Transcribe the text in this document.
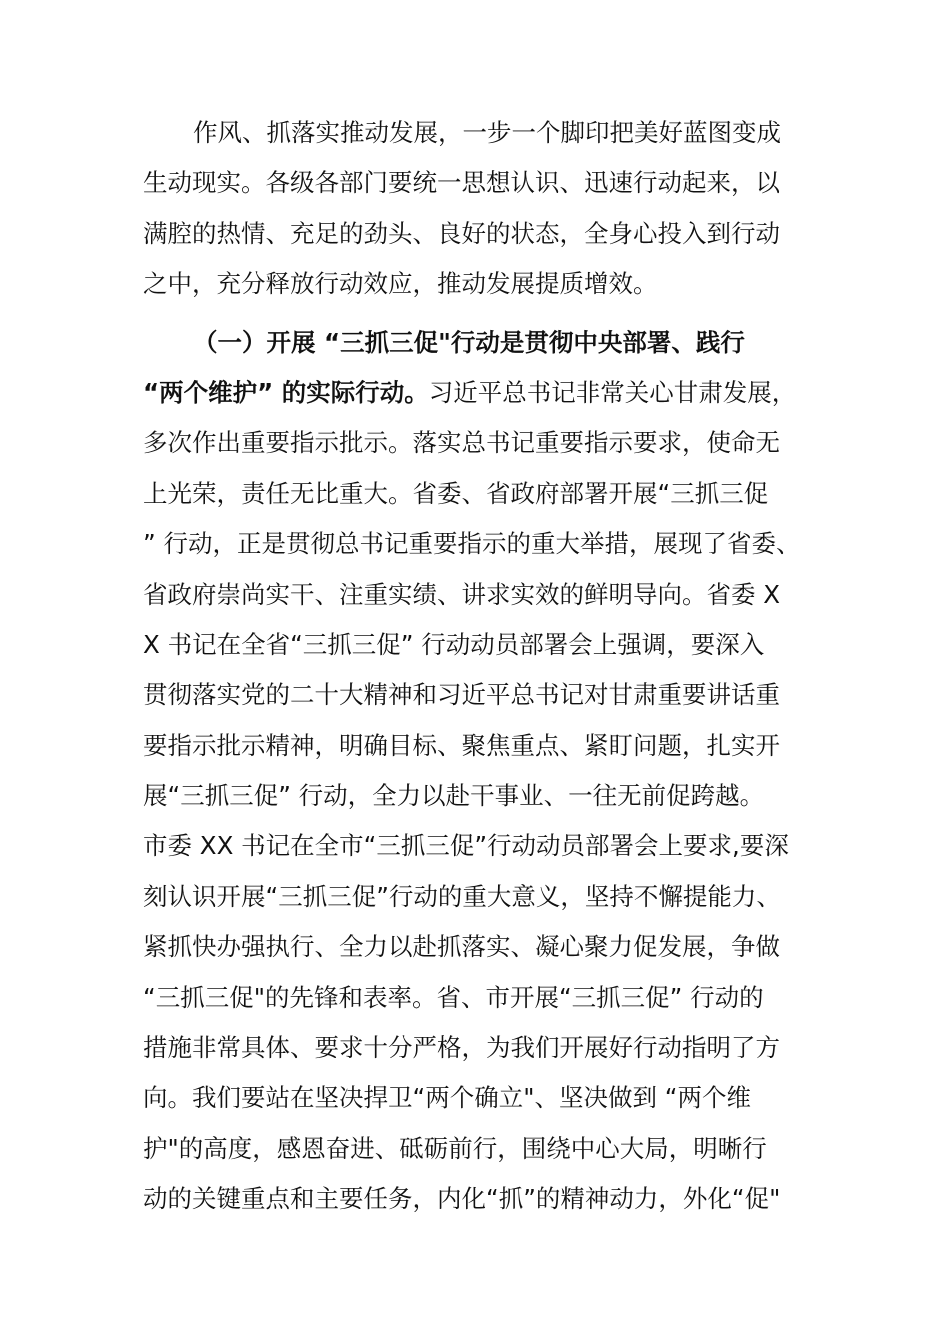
作风、抓落实推动发展，一步一个脚印把美好蓝图变成
生动现实。各级各部门要统一思想认识、迅速行动起来，以
满腔的热情、充足的劲头、良好的状态，全身心投入到行动
之中，充分释放行动效应，推动发展提质增效。
（一）开展 “三抓三促"行动是贯彻中央部署、践行
“两个维护” 的实际行动。习近平总书记非常关心甘肃发展，
多次作出重要指示批示。落实总书记重要指示要求，使命无
上光荣，责任无比重大。省委、省政府部署开展“三抓三促
” 行动，正是贯彻总书记重要指示的重大举措，展现了省委、
省政府崇尚实干、注重实绩、讲求实效的鲜明导向。省委 X
X 书记在全省“三抓三促” 行动动员部署会上强调，要深入
贯彻落实党的二十大精神和习近平总书记对甘肃重要讲话重
要指示批示精神，明确目标、聚焦重点、紧盯问题，扎实开
展“三抓三促” 行动，全力以赴干事业、一往无前促跨越。
市委 XX 书记在全市“三抓三促”行动动员部署会上要求,要深
刻认识开展“三抓三促”行动的重大意义，坚持不懈提能力、
紧抓快办强执行、全力以赴抓落实、凝心聚力促发展，争做
“三抓三促"的先锋和表率。省、市开展“三抓三促” 行动的
措施非常具体、要求十分严格，为我们开展好行动指明了方
向。我们要站在坚决捍卫“两个确立"、坚决做到 “两个维
护"的高度，感恩奋进、砥砺前行，围绕中心大局，明晰行
动的关键重点和主要任务，内化“抓”的精神动力，外化“促"
